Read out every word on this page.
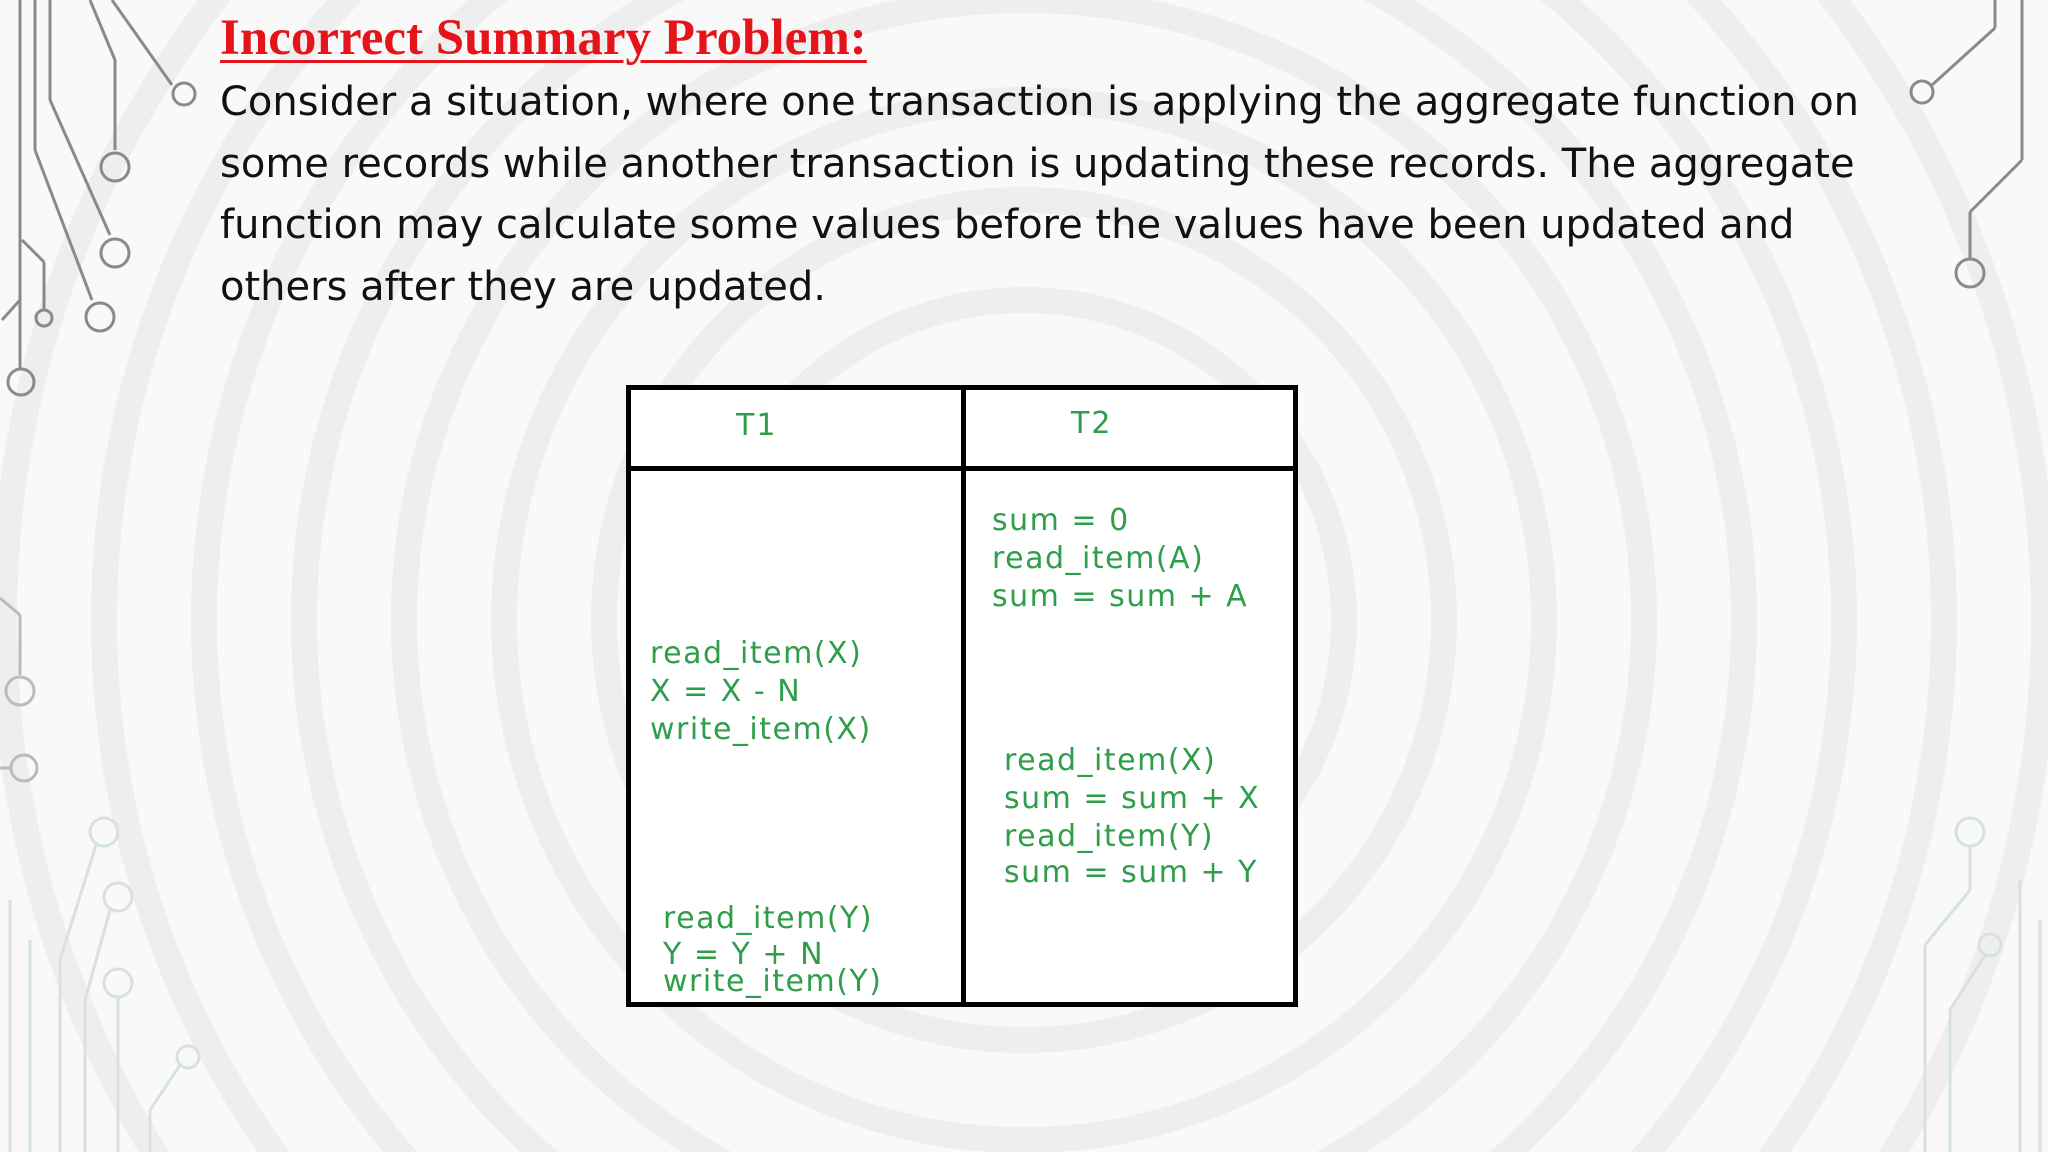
Incorrect Summary Problem:

Consider a situation, where one transaction is applying the aggregate function on some records while another transaction is updating these records. The aggregate function may calculate some values before the values have been updated and others after they are updated.

T1	T2
sum = 0
read_item(A)
sum = sum + A
read_item(X)
X = X - N
write_item(X)
read_item(X)
sum = sum + X
read_item(Y)
sum = sum + Y
read_item(Y)
Y = Y + N
write_item(Y)
